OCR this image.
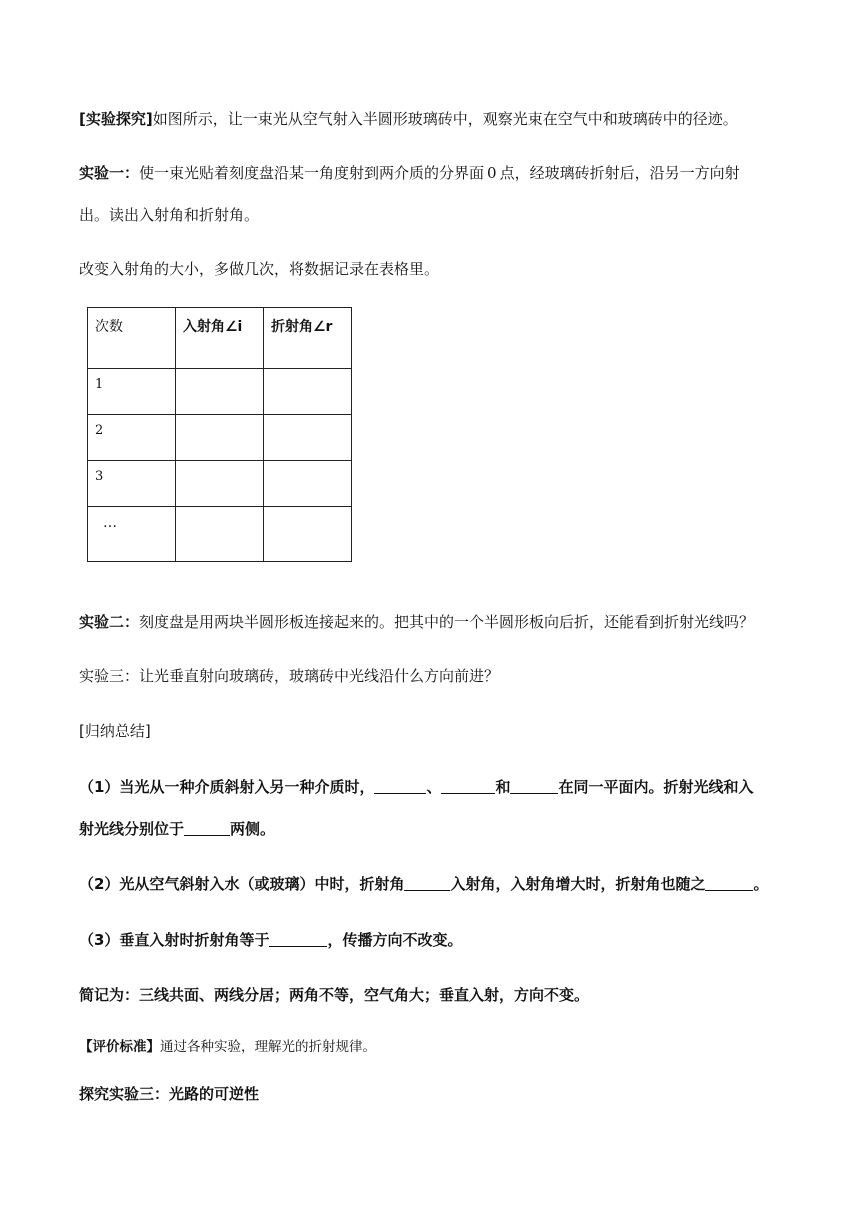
[实验探究]如图所示，让一束光从空气射入半圆形玻璃砖中，观察光束在空气中和玻璃砖中的径迹。
实验一：使一束光贴着刻度盘沿某一角度射到两介质的分界面 0 点，经玻璃砖折射后，沿另一方向射
出。读出入射角和折射角。
改变入射角的大小，多做几次，将数据记录在表格里。
次数	入射角∠i	折射角∠r
1		
2		
3		
…		
实验二：刻度盘是用两块半圆形板连接起来的。把其中的一个半圆形板向后折，还能看到折射光线吗？
实验三：让光垂直射向玻璃砖，玻璃砖中光线沿什么方向前进？
[归纳总结]
（1）当光从一种介质斜射入另一种介质时，	、	和	在同一平面内。折射光线和入
射光线分别位于	两侧。
（2）光从空气斜射入水（或玻璃）中时，折射角	入射角，入射角增大时，折射角也随之	。
（3）垂直入射时折射角等于	，传播方向不改变。
简记为：三线共面、两线分居；两角不等，空气角大；垂直入射，方向不变。
【评价标准】通过各种实验，理解光的折射规律。
探究实验三：光路的可逆性
